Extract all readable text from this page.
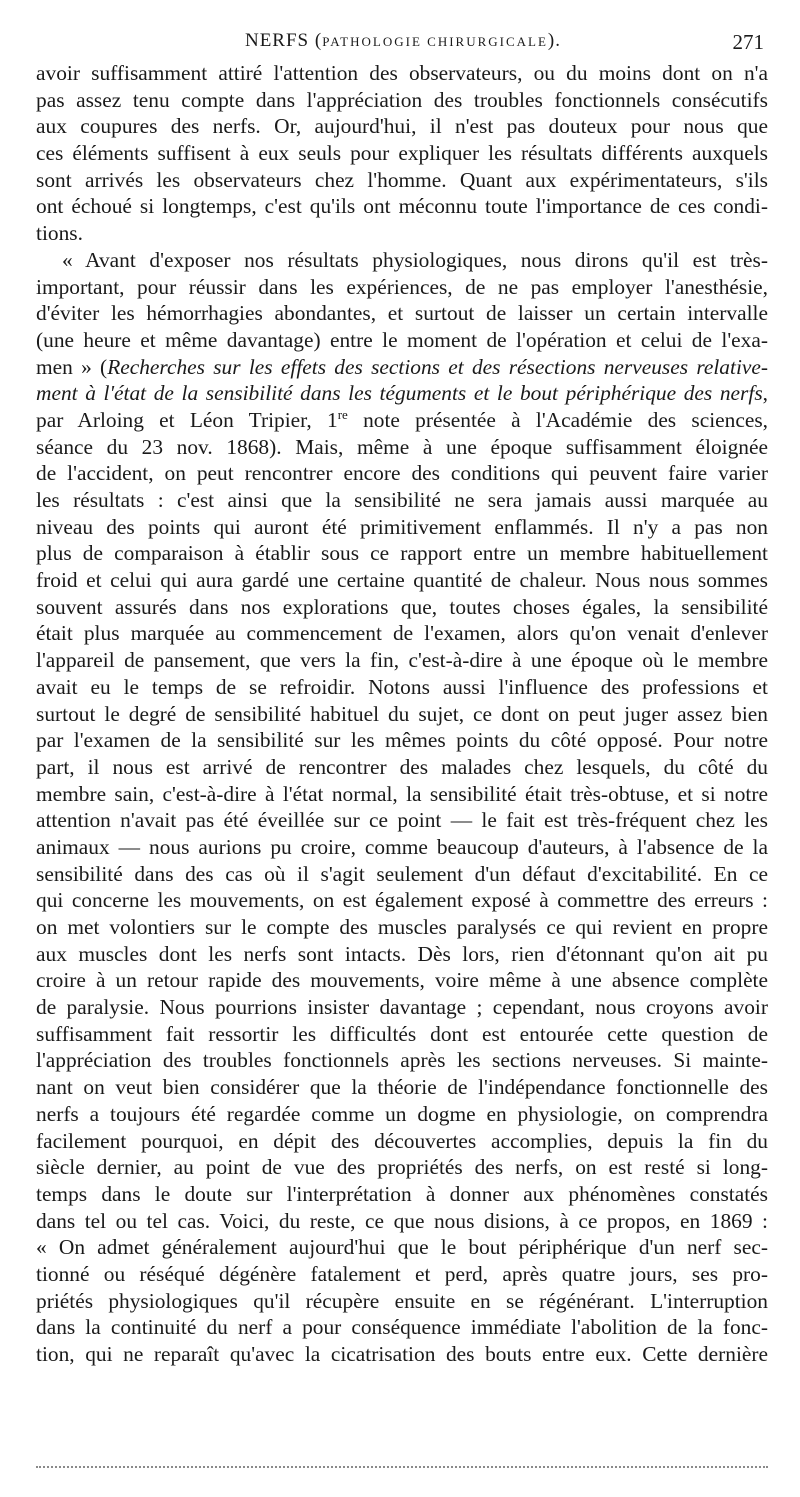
NERFS (PATHOLOGIE CHIRURGICALE).	271
avoir suffisamment attiré l'attention des observateurs, ou du moins dont on n'a
pas assez tenu compte dans l'appréciation des troubles fonctionnels consécutifs
aux coupures des nerfs. Or, aujourd'hui, il n'est pas douteux pour nous que
ces éléments suffisent à eux seuls pour expliquer les résultats différents auxquels
sont arrivés les observateurs chez l'homme. Quant aux expérimentateurs, s'ils
ont échoué si longtemps, c'est qu'ils ont méconnu toute l'importance de ces condi-
tions.
« Avant d'exposer nos résultats physiologiques, nous dirons qu'il est très-
important, pour réussir dans les expériences, de ne pas employer l'anesthésie,
d'éviter les hémorrhagies abondantes, et surtout de laisser un certain intervalle
(une heure et même davantage) entre le moment de l'opération et celui de l'exa-
men » (Recherches sur les effets des sections et des résections nerveuses relative-
ment à l'état de la sensibilité dans les téguments et le bout périphérique des nerfs,
par Arloing et Léon Tripier, 1re note présentée à l'Académie des sciences,
séance du 23 nov. 1868). Mais, même à une époque suffisamment éloignée
de l'accident, on peut rencontrer encore des conditions qui peuvent faire varier
les résultats : c'est ainsi que la sensibilité ne sera jamais aussi marquée au
niveau des points qui auront été primitivement enflammés. Il n'y a pas non
plus de comparaison à établir sous ce rapport entre un membre habituellement
froid et celui qui aura gardé une certaine quantité de chaleur. Nous nous sommes
souvent assurés dans nos explorations que, toutes choses égales, la sensibilité
était plus marquée au commencement de l'examen, alors qu'on venait d'enlever
l'appareil de pansement, que vers la fin, c'est-à-dire à une époque où le membre
avait eu le temps de se refroidir. Notons aussi l'influence des professions et
surtout le degré de sensibilité habituel du sujet, ce dont on peut juger assez bien
par l'examen de la sensibilité sur les mêmes points du côté opposé. Pour notre
part, il nous est arrivé de rencontrer des malades chez lesquels, du côté du
membre sain, c'est-à-dire à l'état normal, la sensibilité était très-obtuse, et si notre
attention n'avait pas été éveillée sur ce point — le fait est très-fréquent chez les
animaux — nous aurions pu croire, comme beaucoup d'auteurs, à l'absence de la
sensibilité dans des cas où il s'agit seulement d'un défaut d'excitabilité. En ce
qui concerne les mouvements, on est également exposé à commettre des erreurs :
on met volontiers sur le compte des muscles paralysés ce qui revient en propre
aux muscles dont les nerfs sont intacts. Dès lors, rien d'étonnant qu'on ait pu
croire à un retour rapide des mouvements, voire même à une absence complète
de paralysie. Nous pourrions insister davantage ; cependant, nous croyons avoir
suffisamment fait ressortir les difficultés dont est entourée cette question de
l'appréciation des troubles fonctionnels après les sections nerveuses. Si mainte-
nant on veut bien considérer que la théorie de l'indépendance fonctionnelle des
nerfs a toujours été regardée comme un dogme en physiologie, on comprendra
facilement pourquoi, en dépit des découvertes accomplies, depuis la fin du
siècle dernier, au point de vue des propriétés des nerfs, on est resté si long-
temps dans le doute sur l'interprétation à donner aux phénomènes constatés
dans tel ou tel cas. Voici, du reste, ce que nous disions, à ce propos, en 1869 :
« On admet généralement aujourd'hui que le bout périphérique d'un nerf sec-
tionné ou réséqué dégénère fatalement et perd, après quatre jours, ses pro-
priétés physiologiques qu'il récupère ensuite en se régénérant. L'interruption
dans la continuité du nerf a pour conséquence immédiate l'abolition de la fonc-
tion, qui ne reparaît qu'avec la cicatrisation des bouts entre eux. Cette dernière
